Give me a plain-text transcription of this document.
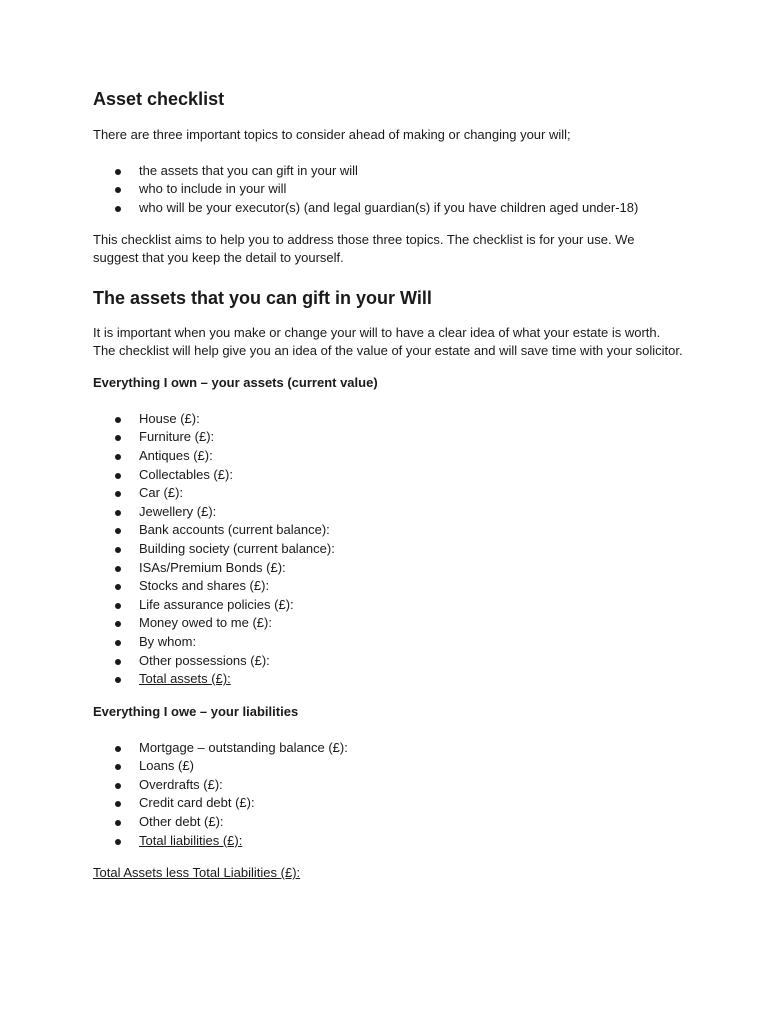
Asset checklist

There are three important topics to consider ahead of making or changing your will;

the assets that you can gift in your will
who to include in your will
who will be your executor(s) (and legal guardian(s) if you have children aged under-18)

This checklist aims to help you to address those three topics. The checklist is for your use. We suggest that you keep the detail to yourself.

The assets that you can gift in your Will

It is important when you make or change your will to have a clear idea of what your estate is worth. The checklist will help give you an idea of the value of your estate and will save time with your solicitor.

Everything I own – your assets (current value)

House (£):
Furniture (£):
Antiques (£):
Collectables (£):
Car (£):
Jewellery (£):
Bank accounts (current balance):
Building society (current balance):
ISAs/Premium Bonds (£):
Stocks and shares (£):
Life assurance policies (£):
Money owed to me (£):
By whom:
Other possessions (£):
Total assets (£):

Everything I owe – your liabilities

Mortgage – outstanding balance (£):
Loans (£)
Overdrafts (£):
Credit card debt (£):
Other debt (£):
Total liabilities (£):

Total Assets less Total Liabilities (£):
